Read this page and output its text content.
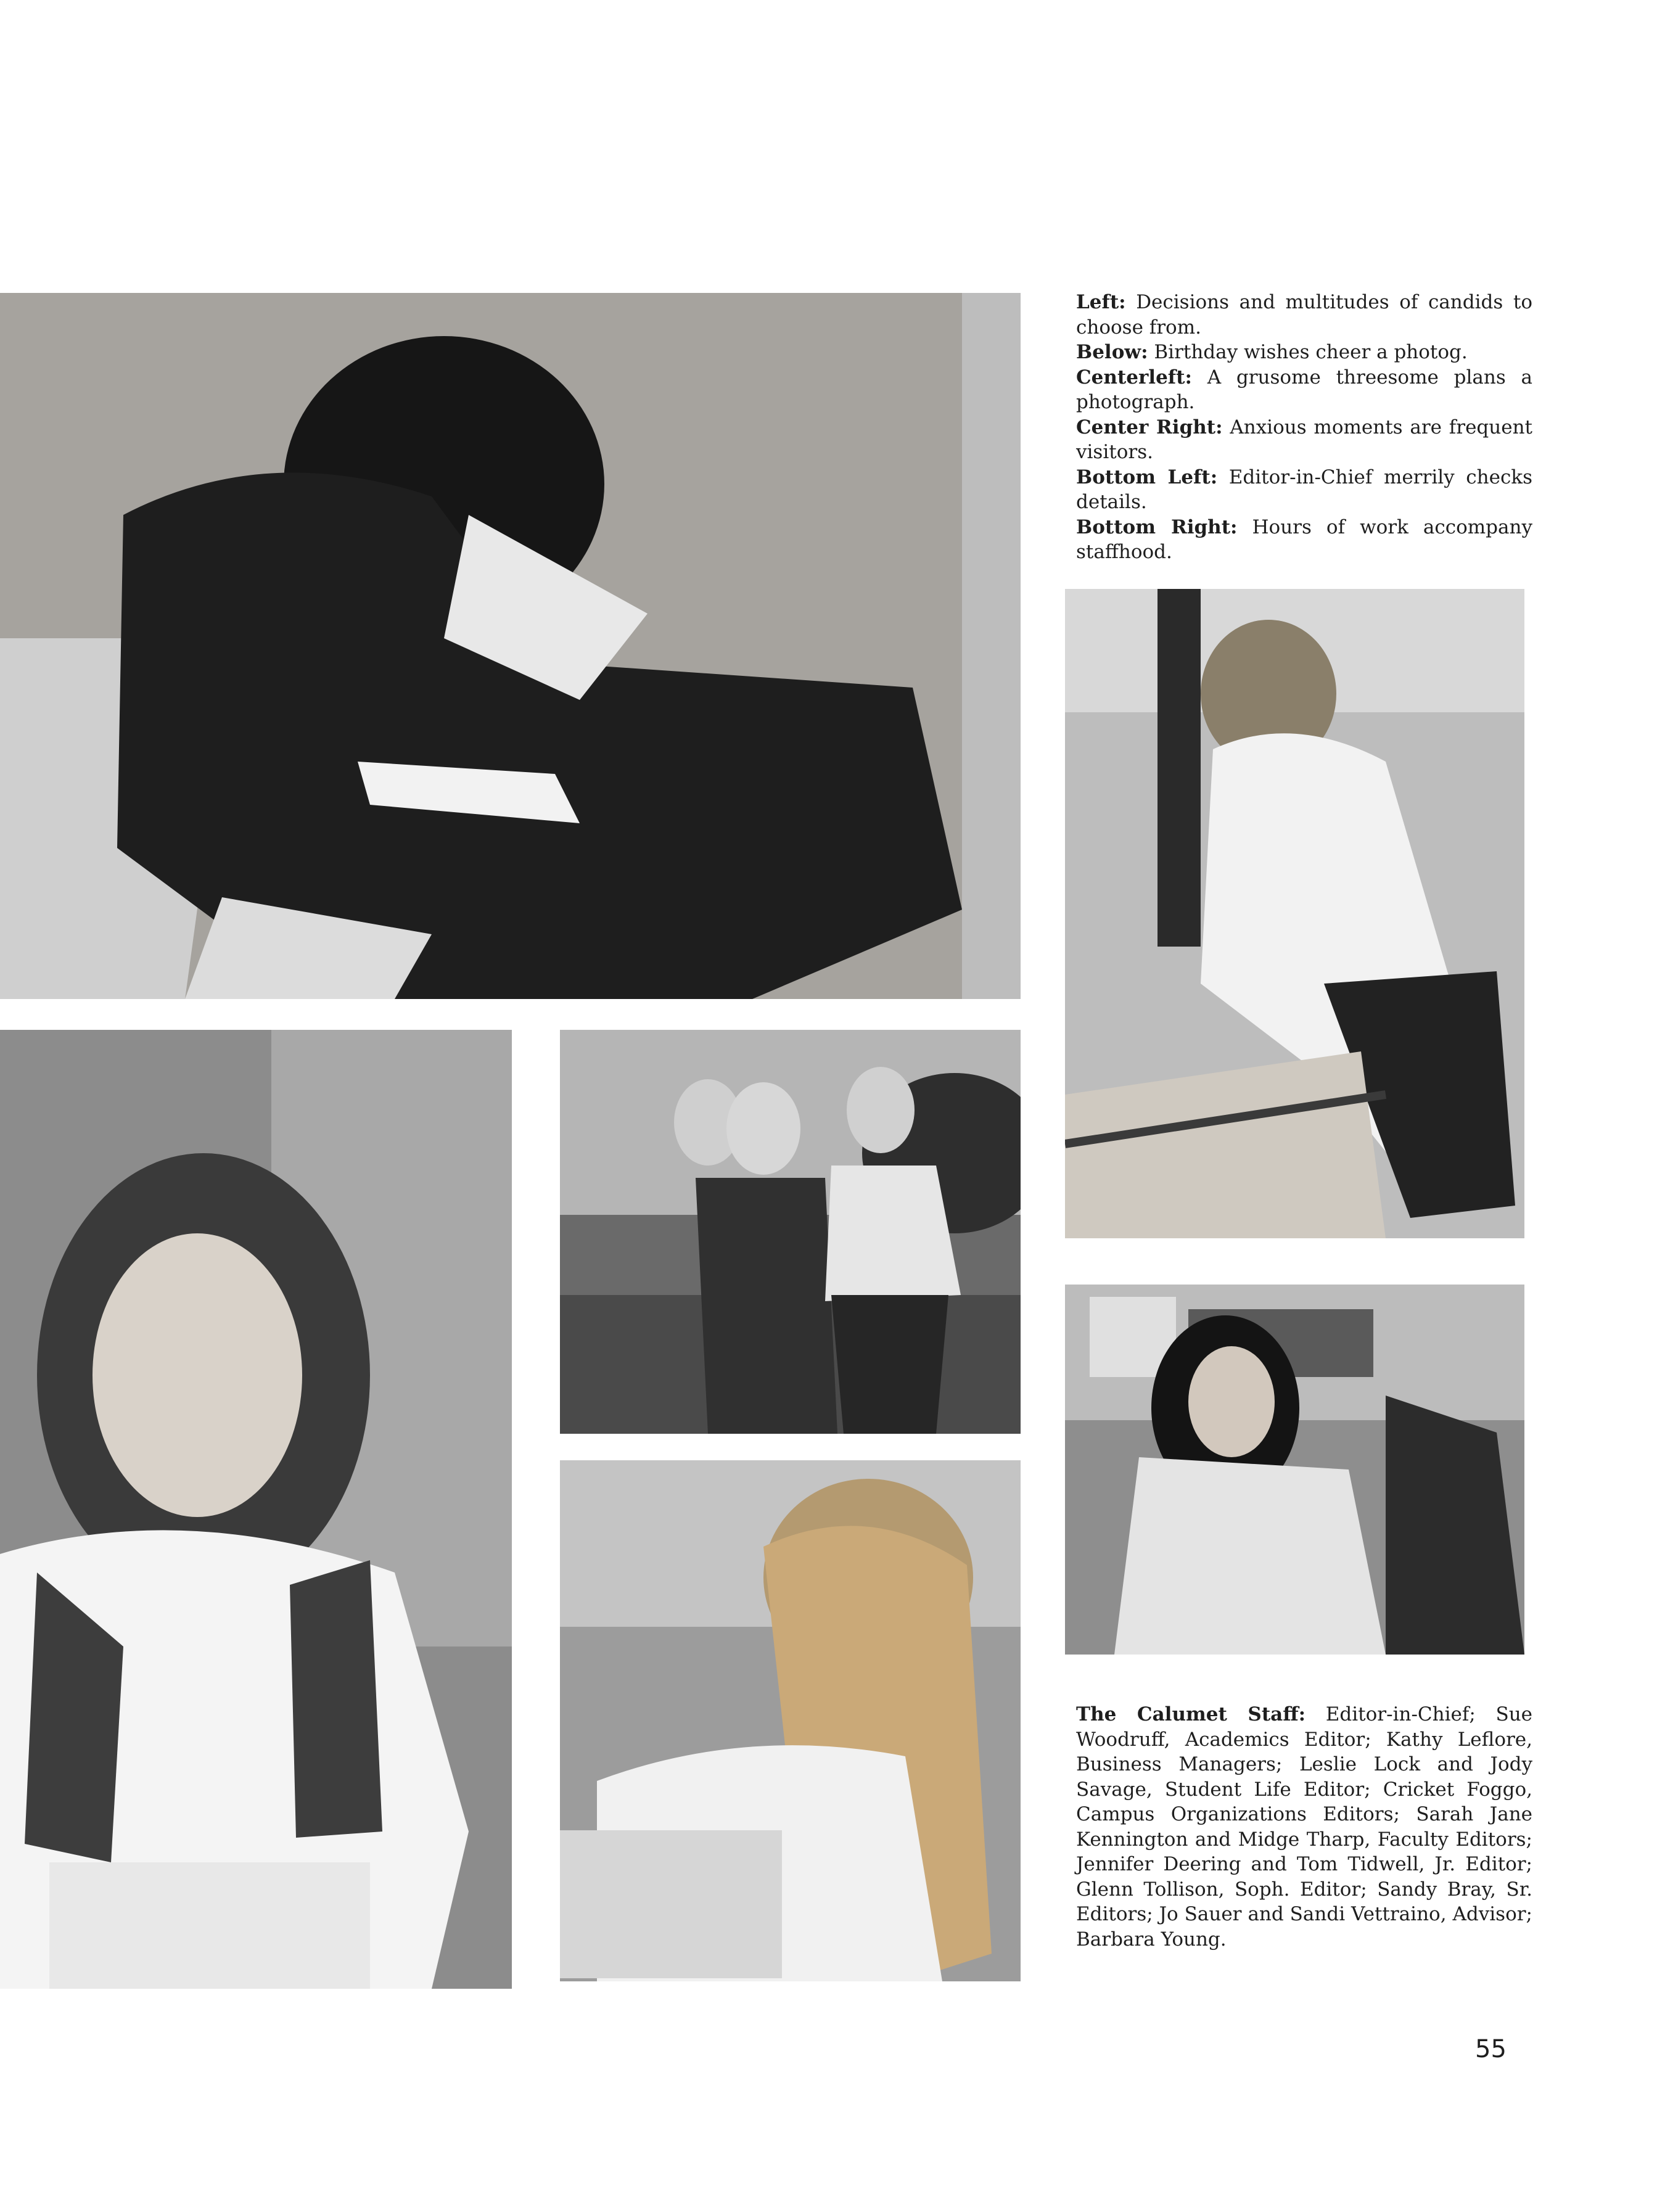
Left: Decisions and multitudes of candids to choose from.
Below: Birthday wishes cheer a photog.
Centerleft: A grusome threesome plans a photograph.
Center Right: Anxious moments are frequent visitors.
Bottom Left: Editor-in-Chief merrily checks details.
Bottom Right: Hours of work accompany staffhood.
The Calumet Staff: Editor-in-Chief; Sue Woodruff, Academics Editor; Kathy Leflore, Business Managers; Leslie Lock and Jody Savage, Student Life Editor; Cricket Foggo, Campus Organizations Editors; Sarah Jane Kennington and Midge Tharp, Faculty Editors; Jennifer Deering and Tom Tidwell, Jr. Editor; Glenn Tollison, Soph. Editor; Sandy Bray, Sr. Editors; Jo Sauer and Sandi Vettraino, Advisor; Barbara Young.
55
